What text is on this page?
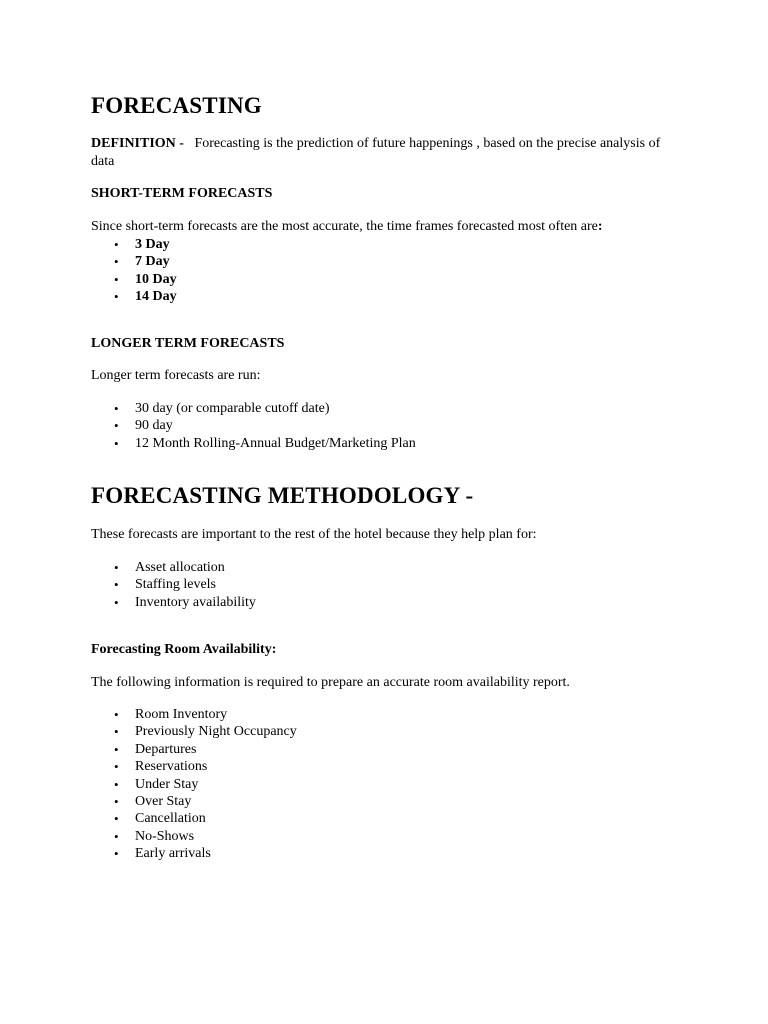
FORECASTING
DEFINITION - Forecasting is the prediction of future happenings , based on the precise analysis of data
SHORT-TERM FORECASTS
Since short-term forecasts are the most accurate, the time frames forecasted most often are:
• 3 Day
• 7 Day
• 10 Day
• 14 Day
LONGER TERM FORECASTS
Longer term forecasts are run:
• 30 day (or comparable cutoff date)
• 90 day
• 12 Month Rolling-Annual Budget/Marketing Plan
FORECASTING METHODOLOGY -
These forecasts are important to the rest of the hotel because they help plan for:
• Asset allocation
• Staffing levels
• Inventory availability
Forecasting Room Availability:
The following information is required to prepare an accurate room availability report.
• Room Inventory
• Previously Night Occupancy
• Departures
• Reservations
• Under Stay
• Over Stay
• Cancellation
• No-Shows
• Early arrivals
